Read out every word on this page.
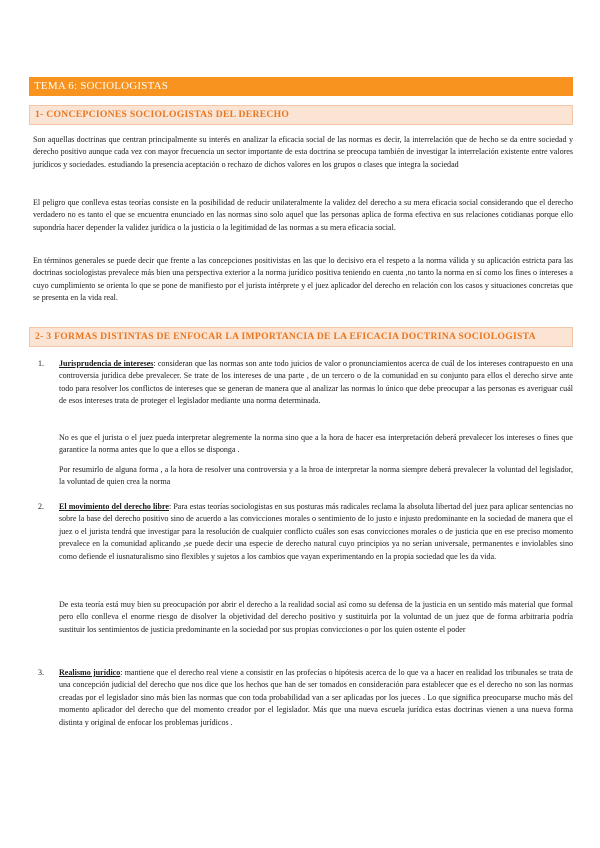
TEMA 6: SOCIOLOGISTAS
1- CONCEPCIONES SOCIOLOGISTAS DEL DERECHO

Son aquellas doctrinas que centran principalmente su interés en analizar la eficacia social de las normas es decir, la interrelación que de hecho se da entre sociedad y derecho positivo aunque cada vez con mayor frecuencia un sector importante de esta doctrina se preocupa también de investigar la interrelación existente entre valores jurídicos y sociedades. estudiando la presencia aceptación o rechazo de dichos valores en los grupos o clases que integra la sociedad

El peligro que conlleva estas teorías consiste en la posibilidad de reducir unilateralmente la validez del derecho a su mera eficacia social considerando que el derecho verdadero no es tanto el que se encuentra enunciado en las normas sino solo aquel que las personas aplica de forma efectiva en sus relaciones cotidianas porque ello supondría hacer depender la validez jurídica o la justicia o la legitimidad de las normas a su mera eficacia social.

En términos generales se puede decir que frente a las concepciones positivistas en las que lo decisivo era el respeto a la norma válida y su aplicación estricta para las doctrinas sociologistas prevalece más bien una perspectiva exterior a la norma jurídico positiva teniendo en cuenta ,no tanto la norma en sí como los fines o intereses a cuyo cumplimiento se orienta lo que se pone de manifiesto por el jurista intérprete y el juez aplicador del derecho en relación con los casos y situaciones concretas que se presenta en la vida real.

2- 3 FORMAS DISTINTAS DE ENFOCAR LA IMPORTANCIA DE LA EFICACIA DOCTRINA SOCIOLOGISTA
1.	Jurisprudencia de intereses: consideran que las normas son ante todo juicios de valor o pronunciamientos acerca de cuál de los intereses contrapuesto en una controversia jurídica debe prevalecer. Se trate de los intereses de una parte , de un tercero o de la comunidad en su conjunto para ellos el derecho sirve ante todo para resolver los conflictos de intereses que se generan de manera que al analizar las normas lo único que debe preocupar a las personas es averiguar cuál de esos intereses trata de proteger el legislador mediante una norma determinada.

No es que el jurista o el juez pueda interpretar alegremente la norma sino que a la hora de hacer esa interpretación deberá prevalecer los intereses o fines que garantice la norma antes que lo que a ellos se disponga .

Por resumirlo de alguna forma , a la hora de resolver una controversia y a la hroa de interpretar la norma siempre deberá prevalecer la voluntad del legislador, la voluntad de quien crea la norma

2.	El movimiento del derecho libre: Para estas teorías sociologistas en sus posturas más radicales reclama la absoluta libertad del juez para aplicar sentencias no sobre la base del derecho positivo sino de acuerdo a las convicciones morales o sentimiento de lo justo e injusto predominante en la sociedad de manera que el juez o el jurista tendrá que investigar para la resolución de cualquier conflicto cuáles son esas convicciones morales o de justicia que en ese preciso momento prevalece en la comunidad aplicando ,se puede decir una especie de derecho natural cuyo principios ya no serían universale, permanentes e inviolables sino como defiende el iusnaturalismo sino flexibles y sujetos a los cambios que vayan experimentando en la propia sociedad que les da vida.

De esta teoría está muy bien su preocupación por abrir el derecho a la realidad social así como su defensa de la justicia en un sentido más material que formal pero ello conlleva el enorme riesgo de disolver la objetividad del derecho positivo y sustituirla por la voluntad de un juez que de forma arbitraria podría sustituir los sentimientos de justicia predominante en la sociedad por sus propias convicciones o por los quien ostente el poder

3.	Realismo jurídico: mantiene que el derecho real viene a consistir en las profecías o hipótesis acerca de lo que va a hacer en realidad los tribunales se trata de una concepción judicial del derecho que nos dice que los hechos que han de ser tomados en consideración para establecer que es el derecho no son las normas creadas por el legislador sino más bien las normas que con toda probabilidad van a ser aplicadas por los jueces . Lo que significa preocuparse mucho más del momento aplicador del derecho que del momento creador por el legislador. Más que una nueva escuela jurídica estas doctrinas vienen a una nueva forma distinta y original de enfocar los problemas jurídicos .
